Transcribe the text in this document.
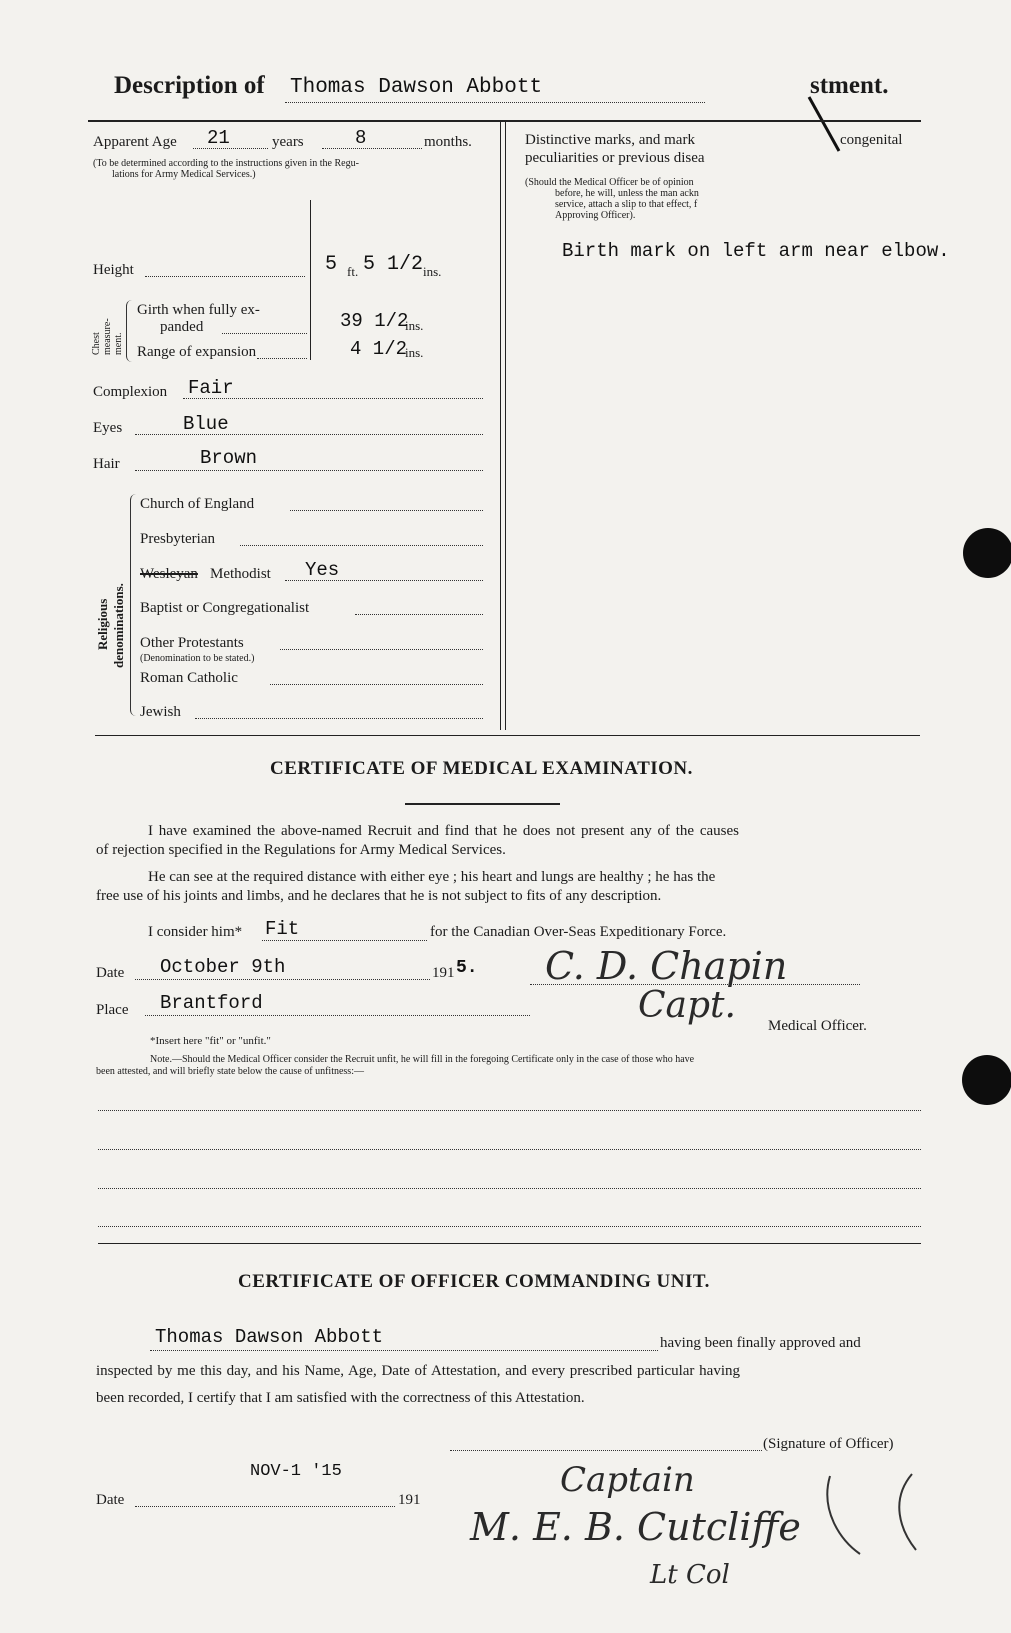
Description of Thomas Dawson Abbott	stment.
Apparent Age 21	years	8	months.
(To be determined according to the instructions given in the Regu-
lations for Army Medical Services.)
Height	5 ft. 5 1/2 ins.
Chest measure- ment.
Girth when fully ex-
panded	39 1/2
ins.
Range of expansion	4 1/2
ins.
Complexion Fair
Eyes	Blue
Hair	Brown
Religious denominations.
Church of England
Presbyterian
Wesleyan Methodist Yes
Baptist or Congregationalist
Other Protestants
(Denomination to be stated.)
Roman Catholic
Jewish
Distinctive marks, and mark
peculiarities or previous disea
congenital
(Should the Medical Officer be of opinion
before, he will, unless the man ackn
service, attach a slip to that effect, f
Approving Officer).
Birth mark on left arm near elbow.
CERTIFICATE OF MEDICAL EXAMINATION.
I have examined the above-named Recruit and find that he does not present any of the causes
of rejection specified in the Regulations for Army Medical Services.
He can see at the required distance with either eye ; his heart and lungs are healthy ; he has the
free use of his joints and limbs, and he declares that he is not subject to fits of any description.
I consider him* Fit	for the Canadian Over-Seas Expeditionary Force.
Date October 9th	191 5. C. D. Chapin
Place Brantford	Capt. Medical Officer.
*Insert here "fit" or "unfit."
Note.—Should the Medical Officer consider the Recruit unfit, he will fill in the foregoing Certificate only in the case of those who have
been attested, and will briefly state below the cause of unfitness:—
CERTIFICATE OF OFFICER COMMANDING UNIT.
Thomas Dawson Abbott	having been finally approved and
inspected by me this day, and his Name, Age, Date of Attestation, and every prescribed particular having
been recorded, I certify that I am satisfied with the correctness of this Attestation.
(Signature of Officer)
NOV-1 '15
Date	191	Captain
M. E. B. Cutcliffe
Lt Col
